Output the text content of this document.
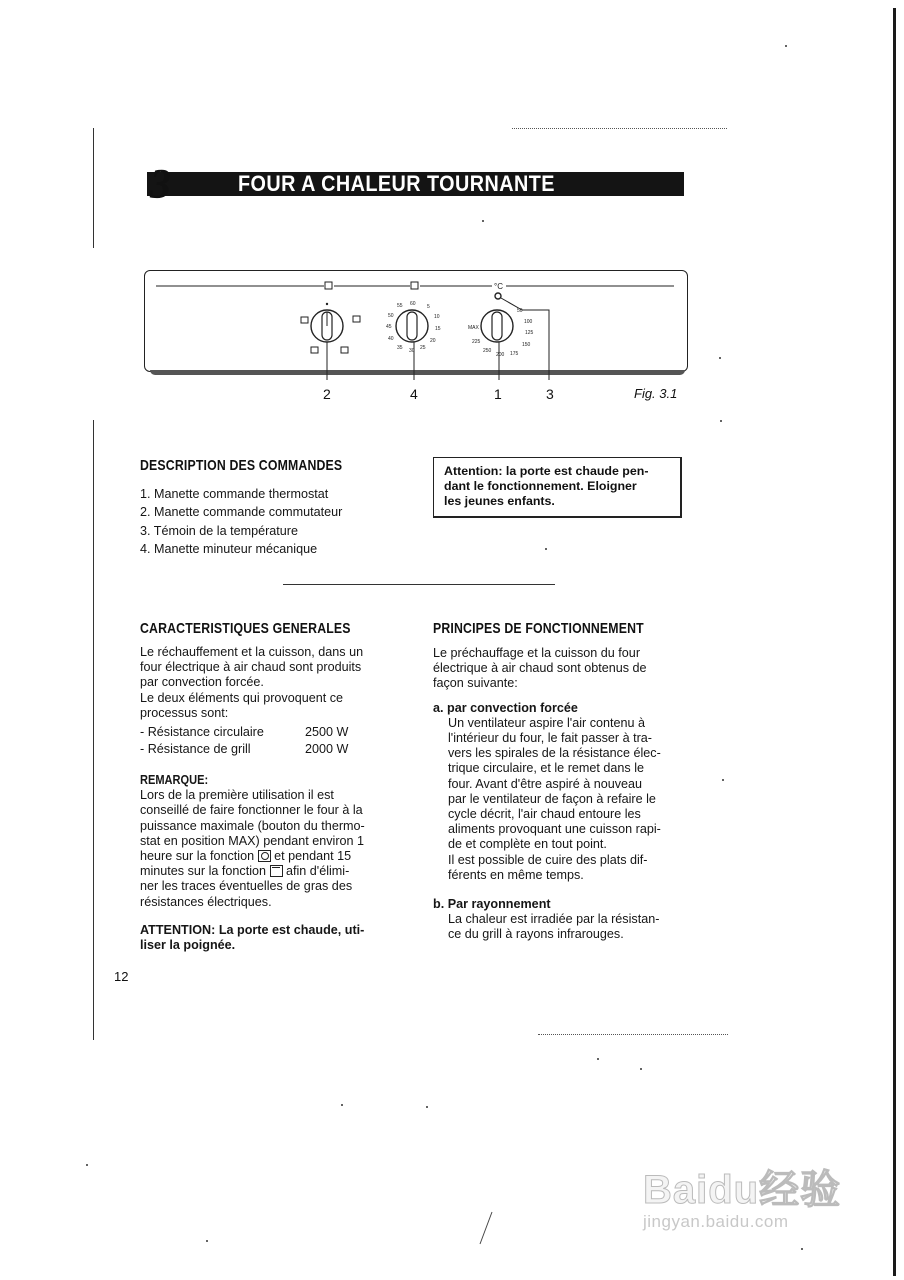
3	FOUR A CHALEUR TOURNANTE
°C
60 5
10
15
20
25
30
35
40
45
50
55
MAX
225
50
100
125
150
175
200
250
2	4	1	3	Fig. 3.1
DESCRIPTION DES COMMANDES
1. Manette commande thermostat
2. Manette commande commutateur
3. Témoin de la température
4. Manette minuteur mécanique

Attention: la porte est chaude pen-

dant le fonctionnement. Eloigner

les jeunes enfants.

CARACTERISTIQUES GENERALES
Le réchauffement et la cuisson, dans un
four électrique à air chaud sont produits
par convection forcée.
Le deux éléments qui provoquent ce
processus sont:
- Résistance circulaire	2500 W
- Résistance de grill	2000 W
REMARQUE:
Lors de la première utilisation il est
conseillé de faire fonctionner le four à la
puissance maximale (bouton du thermo-
stat en position MAX) pendant environ 1
heure sur la fonction et pendant 15
minutes sur la fonction afin d'élimi-
ner les traces éventuelles de gras des
résistances électriques.
ATTENTION: La porte est chaude, uti-
liser la poignée.
PRINCIPES DE FONCTIONNEMENT
Le préchauffage et la cuisson du four
électrique à air chaud sont obtenus de
façon suivante:
a. par convection forcée
Un ventilateur aspire l'air contenu à
l'intérieur du four, le fait passer à tra-
vers les spirales de la résistance élec-
trique circulaire, et le remet dans le
four. Avant d'être aspiré à nouveau
par le ventilateur de façon à refaire le
cycle décrit, l'air chaud entoure les
aliments provoquant une cuisson rapi-
de et complète en tout point.
Il est possible de cuire des plats dif-
férents en même temps.
b. Par rayonnement
La chaleur est irradiée par la résistan-
ce du grill à rayons infrarouges.
12
Baidu经验
jingyan.baidu.com
